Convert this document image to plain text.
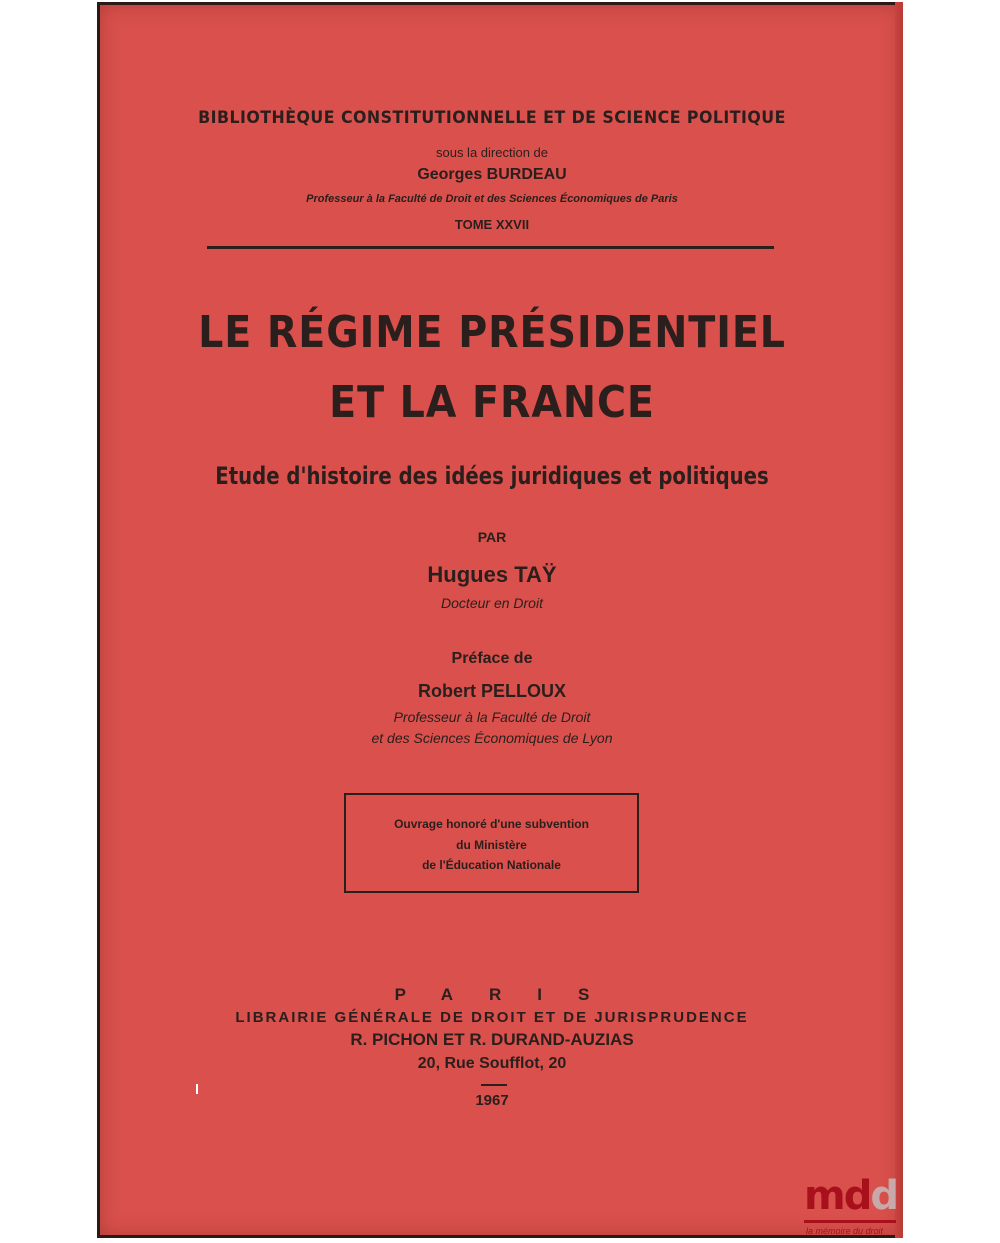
BIBLIOTHÈQUE CONSTITUTIONNELLE ET DE SCIENCE POLITIQUE
sous la direction de
Georges BURDEAU
Professeur à la Faculté de Droit et des Sciences Économiques de Paris
TOME XXVII
LE RÉGIME PRÉSIDENTIEL
ET LA FRANCE
Etude d'histoire des idées juridiques et politiques
PAR
Hugues TAŸ
Docteur en Droit
Préface de
Robert PELLOUX
Professeur à la Faculté de Droit
et des Sciences Économiques de Lyon
Ouvrage honoré d'une subvention
du Ministère
de l'Éducation Nationale
PARIS
LIBRAIRIE GÉNÉRALE DE DROIT ET DE JURISPRUDENCE
R. PICHON ET R. DURAND-AUZIAS
20, Rue Soufflot, 20
1967
mdd
la mémoire du droit
